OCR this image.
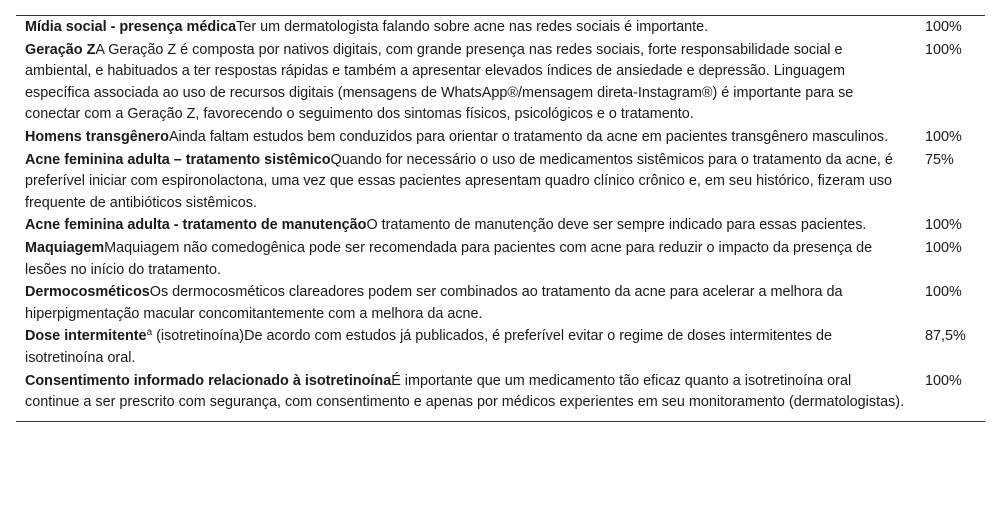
Mídia social - presença médicaTer um dermatologista falando sobre acne nas redes sociais é importante.	100%
Geração ZA Geração Z é composta por nativos digitais, com grande presença nas redes sociais, forte responsabilidade social e ambiental, e habituados a ter respostas rápidas e também a apresentar elevados índices de ansiedade e depressão. Linguagem específica associada ao uso de recursos digitais (mensagens de WhatsApp®/mensagem direta-Instagram®) é importante para se conectar com a Geração Z, favorecendo o seguimento dos sintomas físicos, psicológicos e o tratamento.	100%
Homens transgêneroAinda faltam estudos bem conduzidos para orientar o tratamento da acne em pacientes transgênero masculinos.	100%
Acne feminina adulta – tratamento sistêmicoQuando for necessário o uso de medicamentos sistêmicos para o tratamento da acne, é preferível iniciar com espironolactona, uma vez que essas pacientes apresentam quadro clínico crônico e, em seu histórico, fizeram uso frequente de antibióticos sistêmicos.	75%
Acne feminina adulta - tratamento de manutençãoO tratamento de manutenção deve ser sempre indicado para essas pacientes.	100%
MaquiagemMaquiagem não comedogênica pode ser recomendada para pacientes com acne para reduzir o impacto da presença de lesões no início do tratamento.	100%
DermocosméticosOs dermocosméticos clareadores podem ser combinados ao tratamento da acne para acelerar a melhora da hiperpigmentação macular concomitantemente com a melhora da acne.	100%
Dose intermitente$^a$ (isotretinoína)De acordo com estudos já publicados, é preferível evitar o regime de doses intermitentes de isotretinoína oral.	87,5%
Consentimento informado relacionado à isotretinoínaÉ importante que um medicamento tão eficaz quanto a isotretinoína oral continue a ser prescrito com segurança, com consentimento e apenas por médicos experientes em seu monitoramento (dermatologistas).	100%
